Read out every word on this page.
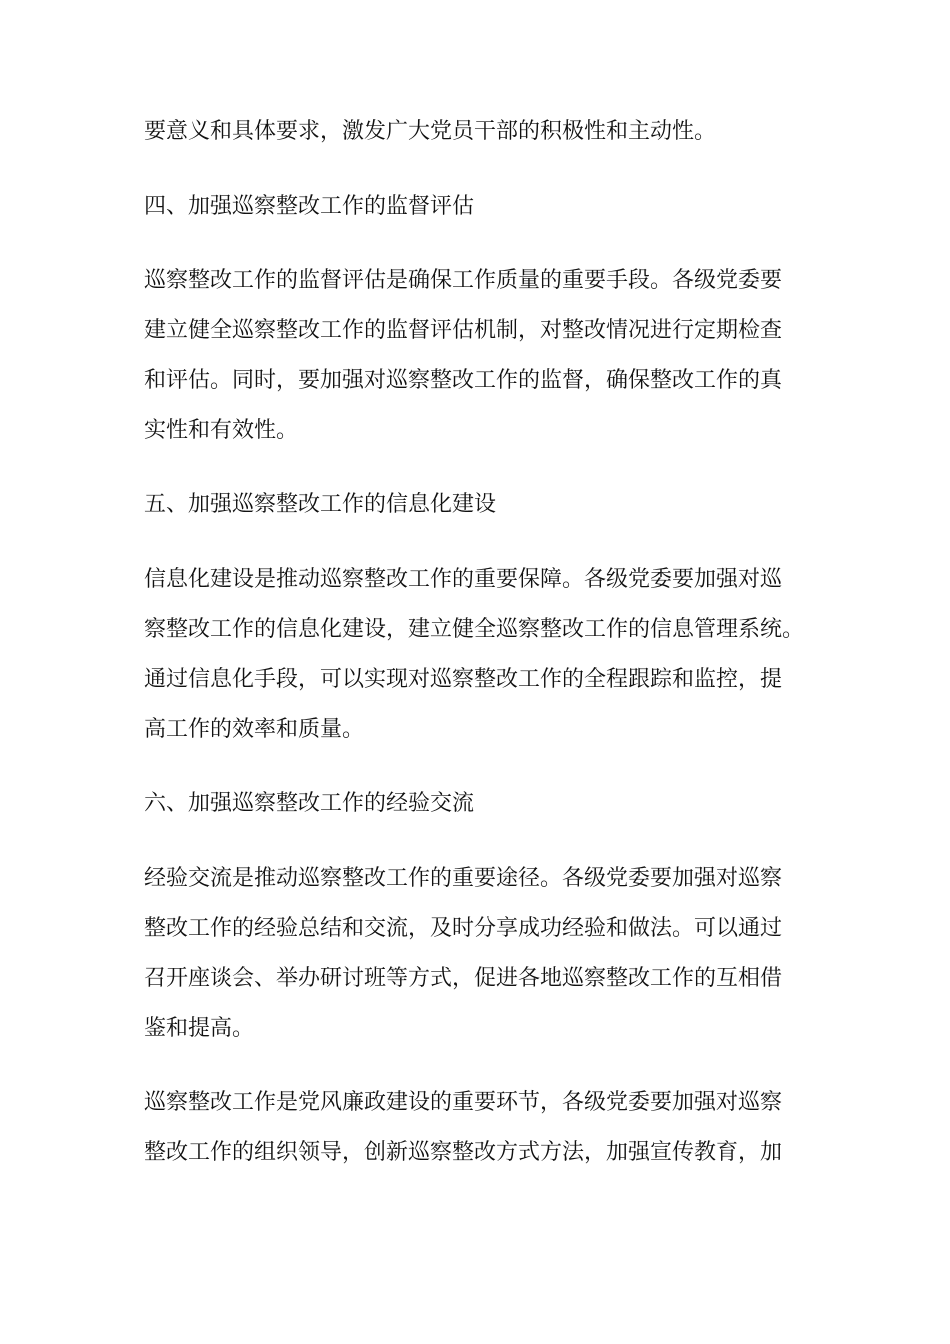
要意义和具体要求，激发广大党员干部的积极性和主动性。
四、加强巡察整改工作的监督评估
巡察整改工作的监督评估是确保工作质量的重要手段。各级党委要
建立健全巡察整改工作的监督评估机制，对整改情况进行定期检查
和评估。同时，要加强对巡察整改工作的监督，确保整改工作的真
实性和有效性。
五、加强巡察整改工作的信息化建设
信息化建设是推动巡察整改工作的重要保障。各级党委要加强对巡
察整改工作的信息化建设，建立健全巡察整改工作的信息管理系统。
通过信息化手段，可以实现对巡察整改工作的全程跟踪和监控，提
高工作的效率和质量。
六、加强巡察整改工作的经验交流
经验交流是推动巡察整改工作的重要途径。各级党委要加强对巡察
整改工作的经验总结和交流，及时分享成功经验和做法。可以通过
召开座谈会、举办研讨班等方式，促进各地巡察整改工作的互相借
鉴和提高。
巡察整改工作是党风廉政建设的重要环节，各级党委要加强对巡察
整改工作的组织领导，创新巡察整改方式方法，加强宣传教育，加
